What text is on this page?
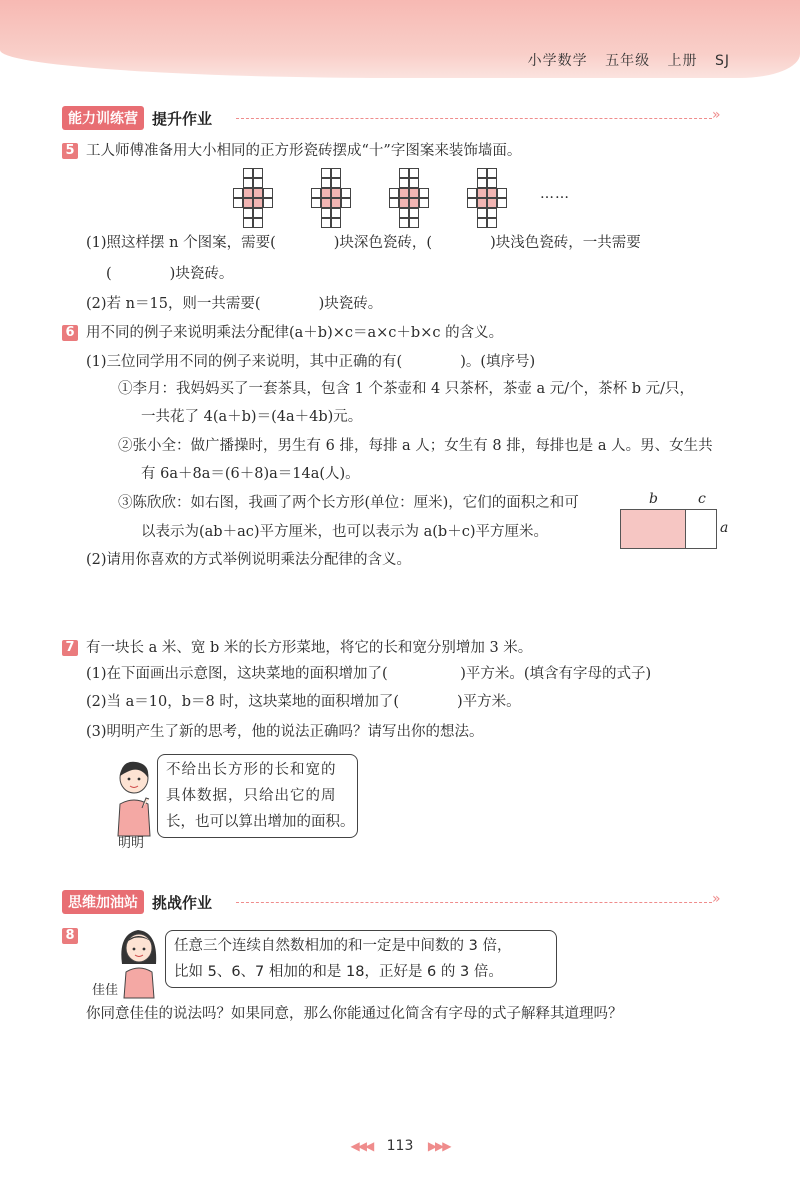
小学数学 五年级 上册 SJ
能力训练营 提升作业	»
5 工人师傅准备用大小相同的正方形瓷砖摆成“十”字图案来装饰墙面。
……
(1)照这样摆 n 个图案，需要(　　　　)块深色瓷砖，(　　　　)块浅色瓷砖，一共需要
(　　　　)块瓷砖。
(2)若 n＝15，则一共需要(　　　　)块瓷砖。
6 用不同的例子来说明乘法分配律(a＋b)×c＝a×c＋b×c 的含义。
(1)三位同学用不同的例子来说明，其中正确的有(　　　　)。(填序号)
①李月：我妈妈买了一套茶具，包含 1 个茶壶和 4 只茶杯，茶壶 a 元/个，茶杯 b 元/只，
一共花了 4(a＋b)＝(4a＋4b)元。
②张小全：做广播操时，男生有 6 排，每排 a 人；女生有 8 排，每排也是 a 人。男、女生共
有 6a＋8a＝(6＋8)a＝14a(人)。
③陈欣欣：如右图，我画了两个长方形(单位：厘米)，它们的面积之和可
以表示为(ab＋ac)平方厘米，也可以表示为 a(b＋c)平方厘米。
b	c
a
(2)请用你喜欢的方式举例说明乘法分配律的含义。
7 有一块长 a 米、宽 b 米的长方形菜地，将它的长和宽分别增加 3 米。
(1)在下面画出示意图，这块菜地的面积增加了(　　　　　)平方米。(填含有字母的式子)
(2)当 a＝10，b＝8 时，这块菜地的面积增加了(　　　　)平方米。
(3)明明产生了新的思考，他的说法正确吗？请写出你的想法。
明明
不给出长方形的长和宽的
具体数据，只给出它的周
长，也可以算出增加的面积。
思维加油站 挑战作业	»
8
佳佳
任意三个连续自然数相加的和一定是中间数的 3 倍，
比如 5、6、7 相加的和是 18，正好是 6 的 3 倍。
你同意佳佳的说法吗？如果同意，那么你能通过化简含有字母的式子解释其道理吗？
◀◀◀ 113 ▶▶▶
